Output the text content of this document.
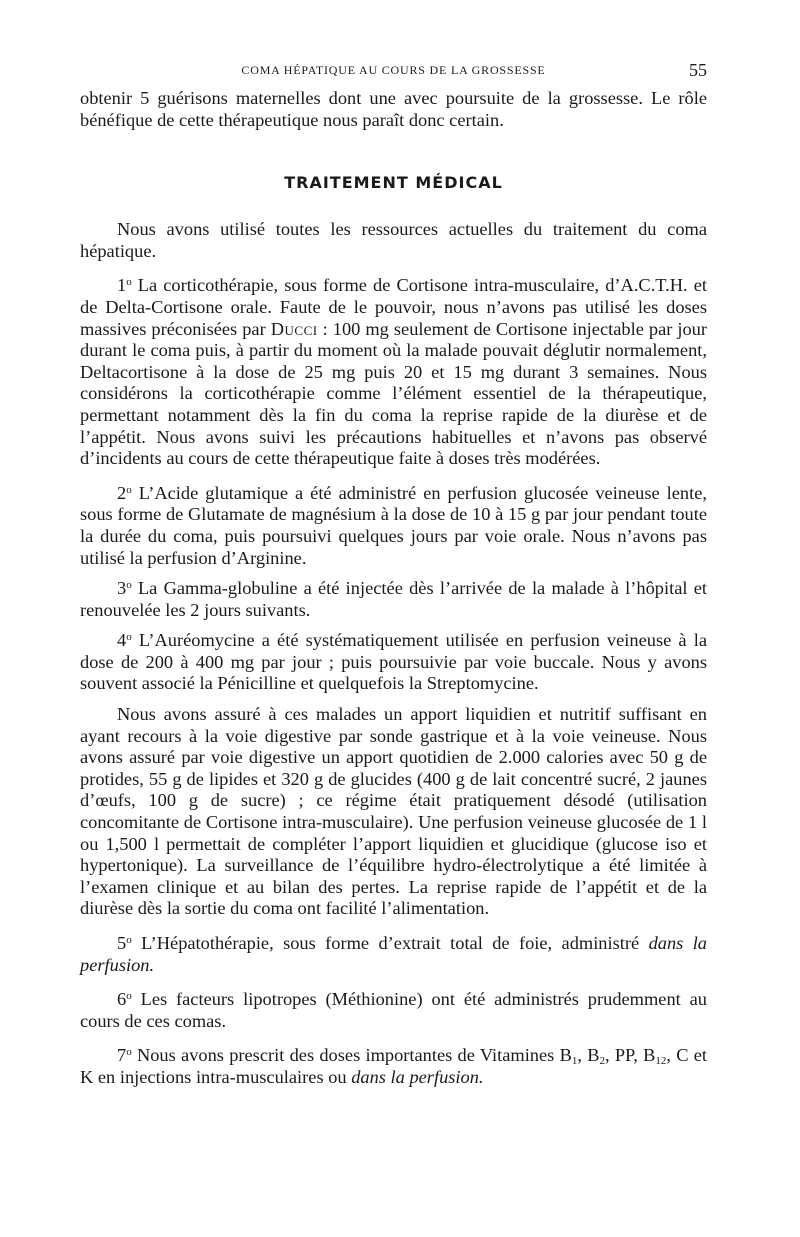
COMA HÉPATIQUE AU COURS DE LA GROSSESSE	55

obtenir 5 guérisons maternelles dont une avec poursuite de la grossesse. Le rôle bénéfique de cette thérapeutique nous paraît donc certain.

TRAITEMENT MÉDICAL

Nous avons utilisé toutes les ressources actuelles du traitement du coma hépatique.

1$^o$ La corticothérapie, sous forme de Cortisone intra-musculaire, d’A.C.T.H. et de Delta-Cortisone orale. Faute de le pouvoir, nous n’avons pas utilisé les doses massives préconisées par Ducci : 100 mg seulement de Cortisone injectable par jour durant le coma puis, à partir du moment où la malade pouvait déglutir normalement, Deltacortisone à la dose de 25 mg puis 20 et 15 mg durant 3 semaines. Nous considérons la corticothérapie comme l’élément essentiel de la thérapeutique, permettant notamment dès la fin du coma la reprise rapide de la diurèse et de l’appétit. Nous avons suivi les précautions habituelles et n’avons pas observé d’incidents au cours de cette thérapeutique faite à doses très modérées.

2$^o$ L’Acide glutamique a été administré en perfusion glucosée veineuse lente, sous forme de Glutamate de magnésium à la dose de 10 à 15 g par jour pendant toute la durée du coma, puis poursuivi quelques jours par voie orale. Nous n’avons pas utilisé la perfusion d’Arginine.

3$^o$ La Gamma-globuline a été injectée dès l’arrivée de la malade à l’hôpital et renouvelée les 2 jours suivants.

4$^o$ L’Auréomycine a été systématiquement utilisée en perfusion veineuse à la dose de 200 à 400 mg par jour ; puis poursuivie par voie buccale. Nous y avons souvent associé la Pénicilline et quelquefois la Streptomycine.

Nous avons assuré à ces malades un apport liquidien et nutritif suffisant en ayant recours à la voie digestive par sonde gastrique et à la voie veineuse. Nous avons assuré par voie digestive un apport quotidien de 2.000 calories avec 50 g de protides, 55 g de lipides et 320 g de glucides (400 g de lait concentré sucré, 2 jaunes d’œufs, 100 g de sucre) ; ce régime était pratiquement désodé (utilisation concomitante de Cortisone intra-musculaire). Une perfusion veineuse glucosée de 1 l ou 1,500 l permettait de compléter l’apport liquidien et glucidique (glucose iso et hypertonique). La surveillance de l’équilibre hydro-électrolytique a été limitée à l’examen clinique et au bilan des pertes. La reprise rapide de l’appétit et de la diurèse dès la sortie du coma ont facilité l’alimentation.

5$^o$ L’Hépatothérapie, sous forme d’extrait total de foie, administré dans la perfusion.

6$^o$ Les facteurs lipotropes (Méthionine) ont été administrés prudemment au cours de ces comas.

7$^o$ Nous avons prescrit des doses importantes de Vitamines $B_1$, $B_2$, PP, $B_{12}$, C et K en injections intra-musculaires ou dans la perfusion.
